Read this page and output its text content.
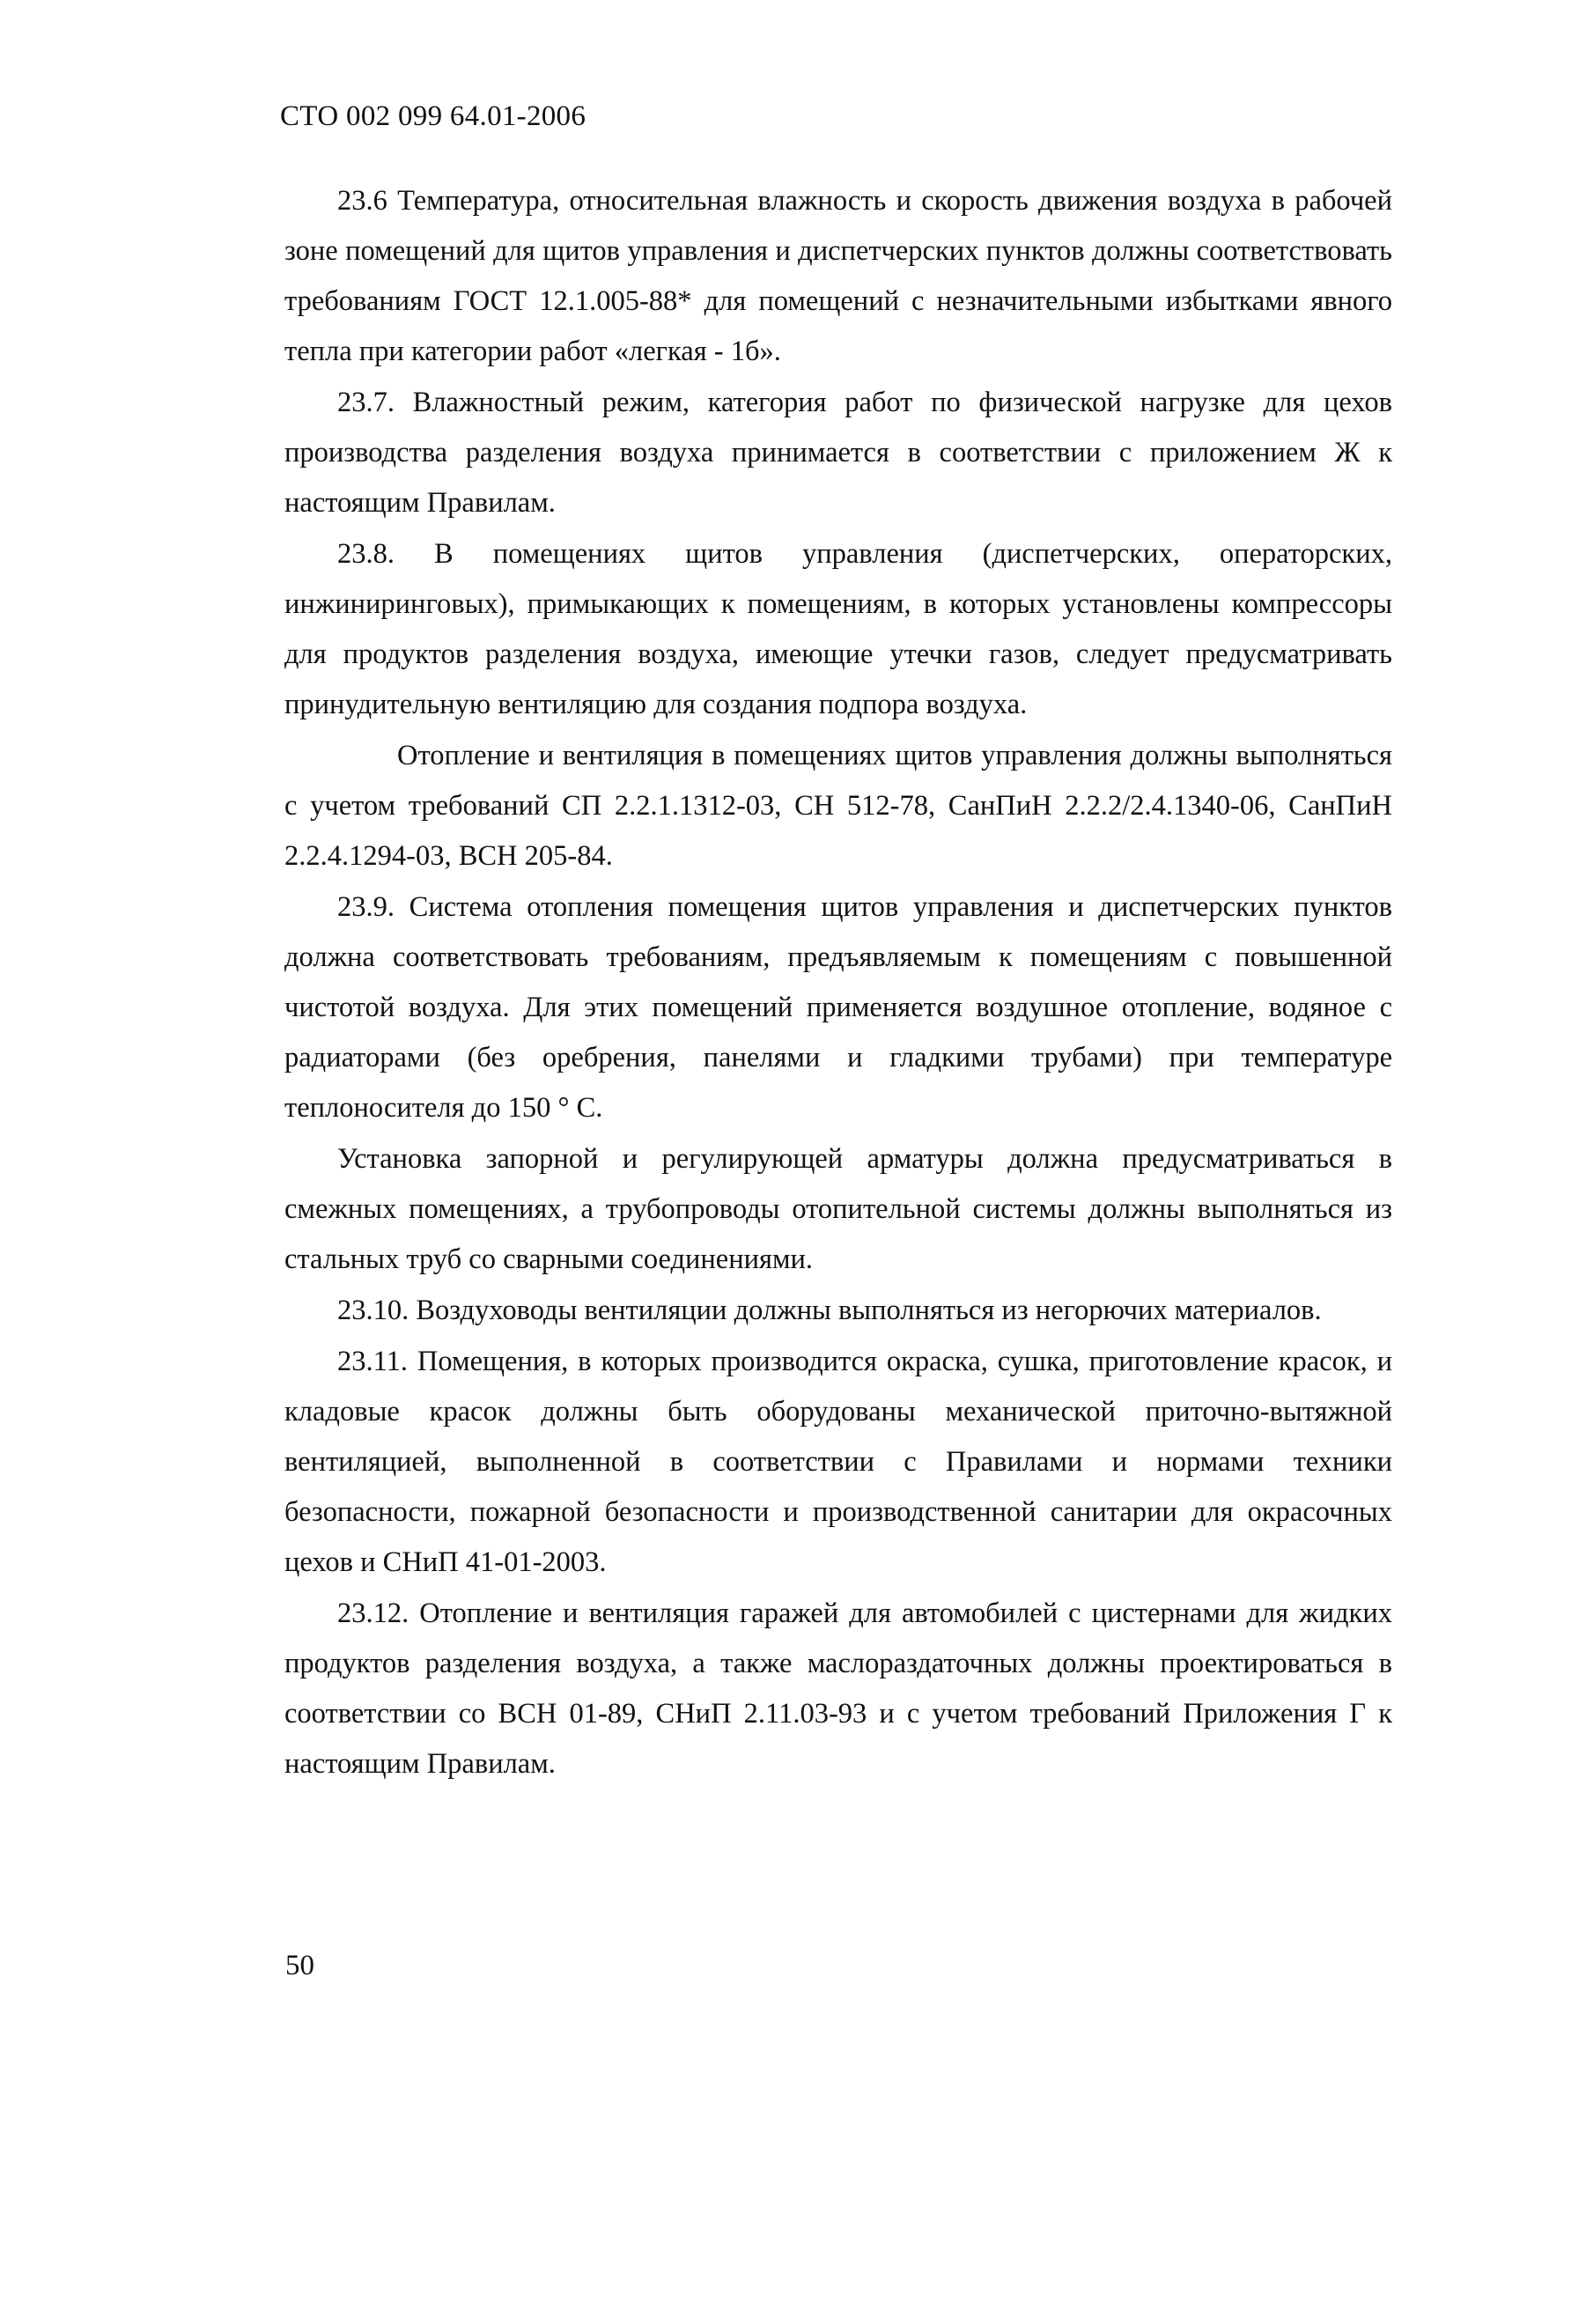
СТО 002 099 64.01-2006

23.6 Температура, относительная влажность и скорость движения воздуха в рабочей зоне помещений для щитов управления и диспетчерских пунктов должны соответствовать требованиям ГОСТ 12.1.005-88* для помещений с незначительными избытками явного тепла при категории работ «легкая - 1б».

23.7. Влажностный режим, категория работ по физической нагрузке для цехов производства разделения воздуха принимается в соответствии с приложением Ж к настоящим Правилам.

23.8. В помещениях щитов управления (диспетчерских, операторских, инжиниринговых), примыкающих к помещениям, в которых установлены компрессоры для продуктов разделения воздуха, имеющие утечки газов, следует предусматривать принудительную вентиляцию для создания подпора воздуха.

Отопление и вентиляция в помещениях щитов управления должны выполняться с учетом требований СП 2.2.1.1312-03, СН 512-78, СанПиН 2.2.2/2.4.1340-06, СанПиН 2.2.4.1294-03, ВСН 205-84.

23.9. Система отопления помещения щитов управления и диспетчерских пунктов должна соответствовать требованиям, предъявляемым к помещениям с повышенной чистотой воздуха. Для этих помещений применяется воздушное отопление, водяное с радиаторами (без оребрения, панелями и гладкими трубами) при температуре теплоносителя до 150 ° С.

Установка запорной и регулирующей арматуры должна предусматриваться в смежных помещениях, а трубопроводы отопительной системы должны выполняться из стальных труб со сварными соединениями.

23.10. Воздуховоды вентиляции должны выполняться из негорючих материалов.

23.11. Помещения, в которых производится окраска, сушка, приготовление красок, и кладовые красок должны быть оборудованы механической приточно-вытяжной вентиляцией, выполненной в соответствии с Правилами и нормами техники безопасности, пожарной безопасности и производственной санитарии для окрасочных цехов и СНиП 41-01-2003.

23.12. Отопление и вентиляция гаражей для автомобилей с цистернами для жидких продуктов разделения воздуха, а также маслораздаточных должны проектироваться в соответствии со ВСН 01-89, СНиП 2.11.03-93 и с учетом требований Приложения Г к настоящим Правилам.

50
